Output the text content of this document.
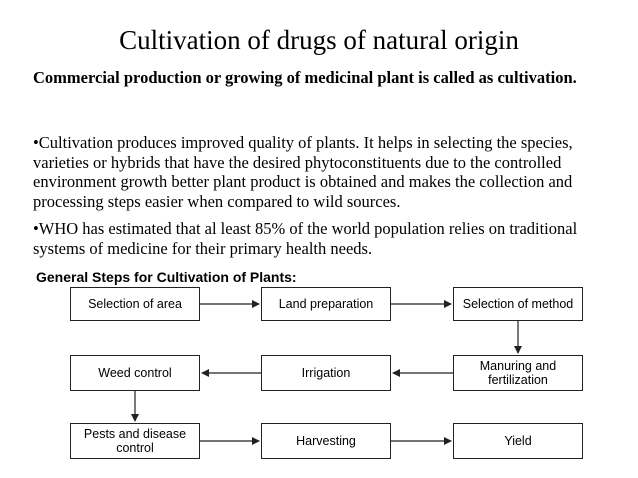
Cultivation of drugs of natural origin
Commercial production or growing of medicinal plant is called as cultivation.
•Cultivation produces improved quality of plants. It helps in selecting the species, varieties or hybrids that have the desired phytoconstituents due to the controlled environment growth better plant product is obtained and makes the collection and processing steps easier when compared to wild sources.
•WHO has estimated that al least 85% of the world population relies on traditional systems of medicine for their primary health needs.
General Steps for Cultivation of Plants:
Selection of area	Land preparation	Selection of method
Weed control	Irrigation	Manuring and
fertilization
Pests and disease
control	Harvesting	Yield
